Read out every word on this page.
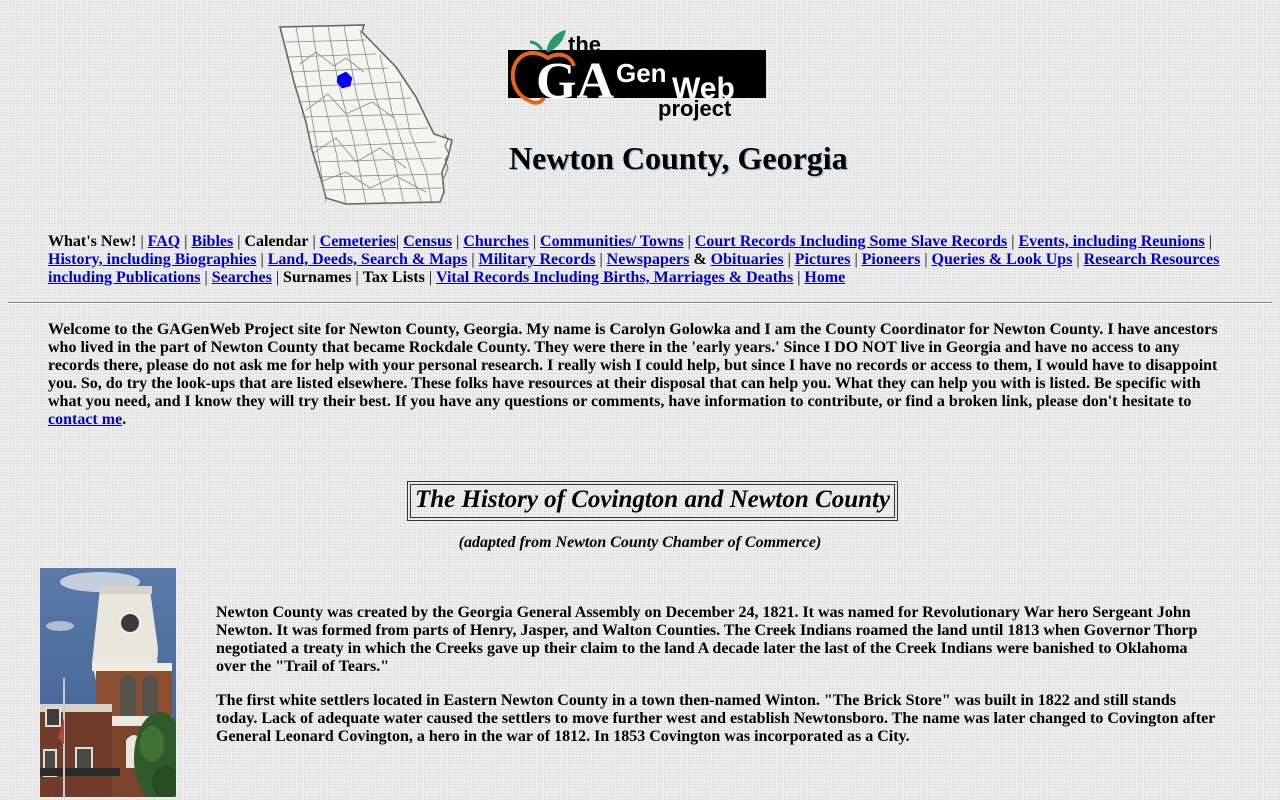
the
GA Gen Web
project
Newton County, Georgia
What's New! | FAQ | Bibles | Calendar | Cemeteries| Census | Churches | Communities/ Towns | Court Records Including Some Slave Records | Events, including Reunions | History, including Biographies | Land, Deeds, Search & Maps | Military Records | Newspapers & Obituaries | Pictures | Pioneers | Queries & Look Ups | Research Resources including Publications | Searches | Surnames | Tax Lists | Vital Records Including Births, Marriages & Deaths | Home
Welcome to the GAGenWeb Project site for Newton County, Georgia. My name is Carolyn Golowka and I am the County Coordinator for Newton County. I have ancestors who lived in the part of Newton County that became Rockdale County. They were there in the 'early years.' Since I DO NOT live in Georgia and have no access to any records there, please do not ask me for help with your personal research. I really wish I could help, but since I have no records or access to them, I would have to disappoint you. So, do try the look-ups that are listed elsewhere. These folks have resources at their disposal that can help you. What they can help you with is listed. Be specific with what you need, and I know they will try their best. If you have any questions or comments, have information to contribute, or find a broken link, please don't hesitate to contact me.
The History of Covington and Newton County
(adapted from Newton County Chamber of Commerce)

Newton County was created by the Georgia General Assembly on December 24, 1821. It was named for Revolutionary War hero Sergeant John Newton. It was formed from parts of Henry, Jasper, and Walton Counties. The Creek Indians roamed the land until 1813 when Governor Thorp negotiated a treaty in which the Creeks gave up their claim to the land A decade later the last of the Creek Indians were banished to Oklahoma over the "Trail of Tears."

The first white settlers located in Eastern Newton County in a town then-named Winton. "The Brick Store" was built in 1822 and still stands today. Lack of adequate water caused the settlers to move further west and establish Newtonsboro. The name was later changed to Covington after General Leonard Covington, a hero in the war of 1812. In 1853 Covington was incorporated as a City.
